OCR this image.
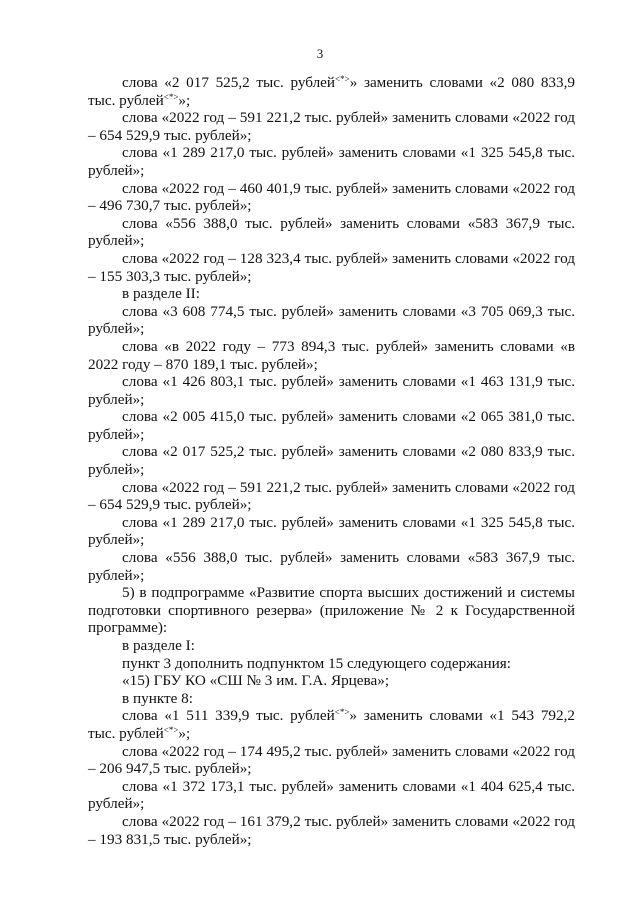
3

слова «2 017 525,2 тыс. рублей<*>» заменить словами «2 080 833,9 тыс. рублей<*>»;

слова «2022 год – 591 221,2 тыс. рублей» заменить словами «2022 год – 654 529,9 тыс. рублей»;

слова «1 289 217,0 тыс. рублей» заменить словами «1 325 545,8 тыс. рублей»;

слова «2022 год – 460 401,9 тыс. рублей» заменить словами «2022 год – 496 730,7 тыс. рублей»;

слова «556 388,0 тыс. рублей» заменить словами «583 367,9 тыс. рублей»;

слова «2022 год – 128 323,4 тыс. рублей» заменить словами «2022 год – 155 303,3 тыс. рублей»;

в разделе II:

слова «3 608 774,5 тыс. рублей» заменить словами «3 705 069,3 тыс. рублей»;

слова «в 2022 году – 773 894,3 тыс. рублей» заменить словами «в 2022 году – 870 189,1 тыс. рублей»;

слова «1 426 803,1 тыс. рублей» заменить словами «1 463 131,9 тыс. рублей»;

слова «2 005 415,0 тыс. рублей» заменить словами «2 065 381,0 тыс. рублей»;

слова «2 017 525,2 тыс. рублей» заменить словами «2 080 833,9 тыс. рублей»;

слова «2022 год – 591 221,2 тыс. рублей» заменить словами «2022 год – 654 529,9 тыс. рублей»;

слова «1 289 217,0 тыс. рублей» заменить словами «1 325 545,8 тыс. рублей»;

слова «556 388,0 тыс. рублей» заменить словами «583 367,9 тыс. рублей»;

5) в подпрограмме «Развитие спорта высших достижений и системы подготовки спортивного резерва» (приложение № 2 к Государственной программе):

в разделе I:

пункт 3 дополнить подпунктом 15 следующего содержания:

«15) ГБУ КО «СШ № 3 им. Г.А. Ярцева»;

в пункте 8:

слова «1 511 339,9 тыс. рублей<*>» заменить словами «1 543 792,2 тыс. рублей<*>»;

слова «2022 год – 174 495,2 тыс. рублей» заменить словами «2022 год – 206 947,5 тыс. рублей»;

слова «1 372 173,1 тыс. рублей» заменить словами «1 404 625,4 тыс. рублей»;

слова «2022 год – 161 379,2 тыс. рублей» заменить словами «2022 год – 193 831,5 тыс. рублей»;
